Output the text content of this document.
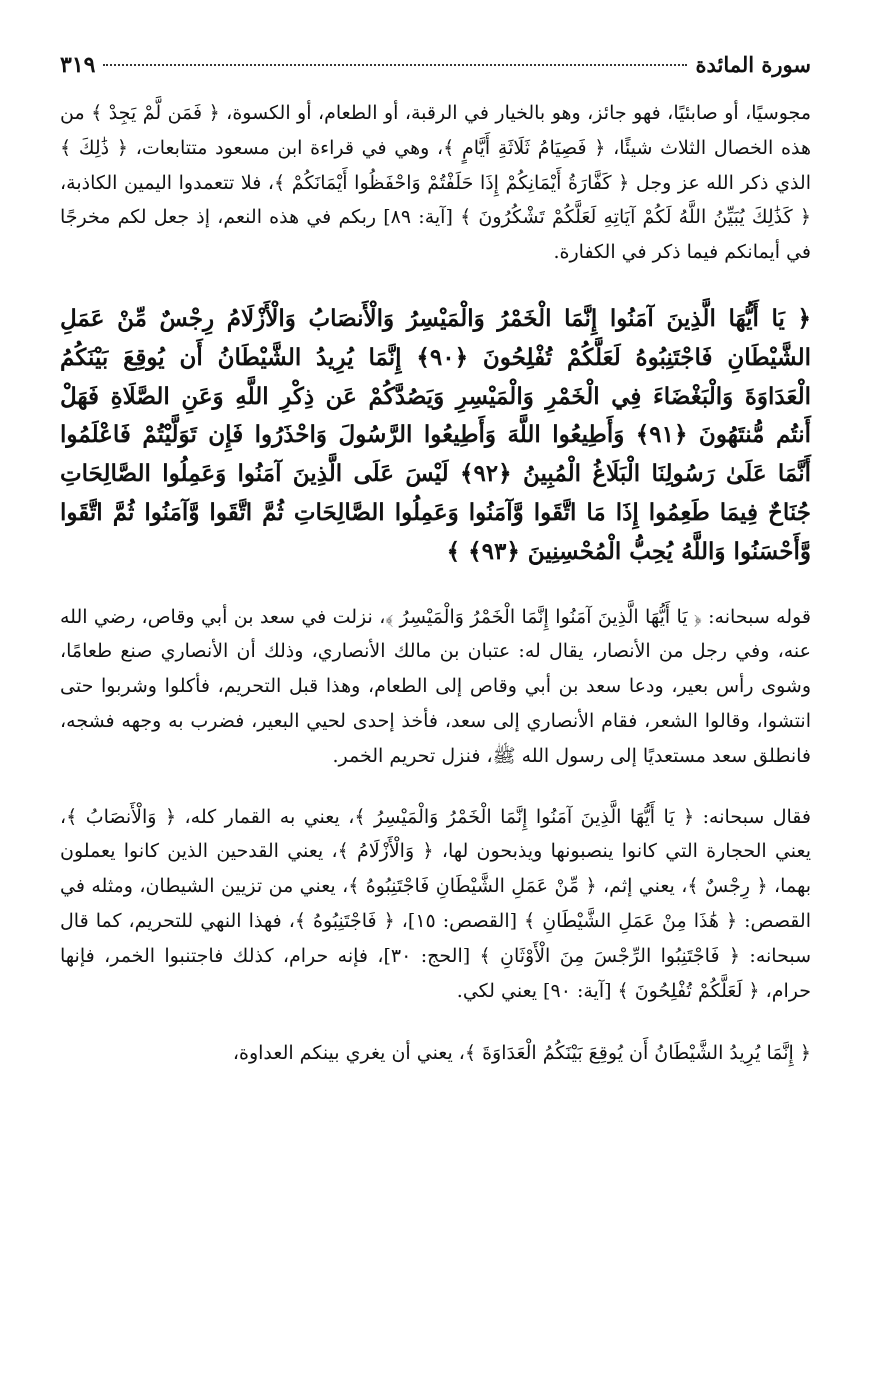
سورة المائدة
٣١٩

مجوسيًا، أو صابئيًا، فهو جائز، وهو بالخيار في الرقبة، أو الطعام، أو الكسوة، ﴿ فَمَن لَّمْ يَجِدْ ﴾ من هذه الخصال الثلاث شيئًا، ﴿ فَصِيَامُ ثَلَاثَةِ أَيَّامٍ ﴾، وهي في قراءة ابن مسعود متتابعات، ﴿ ذَٰلِكَ ﴾ الذي ذكر الله عز وجل ﴿ كَفَّارَةُ أَيْمَانِكُمْ إِذَا حَلَفْتُمْ وَاحْفَظُوا أَيْمَانَكُمْ ﴾، فلا تتعمدوا اليمين الكاذبة، ﴿ كَذَٰلِكَ يُبَيِّنُ اللَّهُ لَكُمْ آيَاتِهِ لَعَلَّكُمْ تَشْكُرُونَ ﴾ [آية: ٨٩] ربكم في هذه النعم، إذ جعل لكم مخرجًا في أيمانكم فيما ذكر في الكفارة.

﴿ يَا أَيُّهَا الَّذِينَ آمَنُوا إِنَّمَا الْخَمْرُ وَالْمَيْسِرُ وَالْأَنصَابُ وَالْأَزْلَامُ رِجْسٌ مِّنْ عَمَلِ الشَّيْطَانِ فَاجْتَنِبُوهُ لَعَلَّكُمْ تُفْلِحُونَ ﴿٩٠﴾ إِنَّمَا يُرِيدُ الشَّيْطَانُ أَن يُوقِعَ بَيْنَكُمُ الْعَدَاوَةَ وَالْبَغْضَاءَ فِي الْخَمْرِ وَالْمَيْسِرِ وَيَصُدَّكُمْ عَن ذِكْرِ اللَّهِ وَعَنِ الصَّلَاةِ فَهَلْ أَنتُم مُّنتَهُونَ ﴿٩١﴾ وَأَطِيعُوا اللَّهَ وَأَطِيعُوا الرَّسُولَ وَاحْذَرُوا فَإِن تَوَلَّيْتُمْ فَاعْلَمُوا أَنَّمَا عَلَىٰ رَسُولِنَا الْبَلَاغُ الْمُبِينُ ﴿٩٢﴾ لَيْسَ عَلَى الَّذِينَ آمَنُوا وَعَمِلُوا الصَّالِحَاتِ جُنَاحٌ فِيمَا طَعِمُوا إِذَا مَا اتَّقَوا وَّآمَنُوا وَعَمِلُوا الصَّالِحَاتِ ثُمَّ اتَّقَوا وَّآمَنُوا ثُمَّ اتَّقَوا وَّأَحْسَنُوا وَاللَّهُ يُحِبُّ الْمُحْسِنِينَ ﴿٩٣﴾ ﴾

قوله سبحانه: ﴿ يَا أَيُّهَا الَّذِينَ آمَنُوا إِنَّمَا الْخَمْرُ وَالْمَيْسِرُ ﴾، نزلت في سعد بن أبي وقاص، رضي الله عنه، وفي رجل من الأنصار، يقال له: عتبان بن مالك الأنصاري، وذلك أن الأنصاري صنع طعامًا، وشوى رأس بعير، ودعا سعد بن أبي وقاص إلى الطعام، وهذا قبل التحريم، فأكلوا وشربوا حتى انتشوا، وقالوا الشعر، فقام الأنصاري إلى سعد، فأخذ إحدى لحيي البعير، فضرب به وجهه فشجه، فانطلق سعد مستعديًا إلى رسول الله ﷺ، فنزل تحريم الخمر.

فقال سبحانه: ﴿ يَا أَيُّهَا الَّذِينَ آمَنُوا إِنَّمَا الْخَمْرُ وَالْمَيْسِرُ ﴾، يعني به القمار كله، ﴿ وَالْأَنصَابُ ﴾، يعني الحجارة التي كانوا ينصبونها ويذبحون لها، ﴿ وَالْأَزْلَامُ ﴾، يعني القدحين الذين كانوا يعملون بهما، ﴿ رِجْسٌ ﴾، يعني إثم، ﴿ مِّنْ عَمَلِ الشَّيْطَانِ فَاجْتَنِبُوهُ ﴾، يعني من تزيين الشيطان، ومثله في القصص: ﴿ هَٰذَا مِنْ عَمَلِ الشَّيْطَانِ ﴾ [القصص: ١٥]، ﴿ فَاجْتَنِبُوهُ ﴾، فهذا النهي للتحريم، كما قال سبحانه: ﴿ فَاجْتَنِبُوا الرِّجْسَ مِنَ الْأَوْثَانِ ﴾ [الحج: ٣٠]، فإنه حرام، كذلك فاجتنبوا الخمر، فإنها حرام، ﴿ لَعَلَّكُمْ تُفْلِحُونَ ﴾ [آية: ٩٠] يعني لكي.

﴿ إِنَّمَا يُرِيدُ الشَّيْطَانُ أَن يُوقِعَ بَيْنَكُمُ الْعَدَاوَةَ ﴾، يعني أن يغري بينكم العداوة،
